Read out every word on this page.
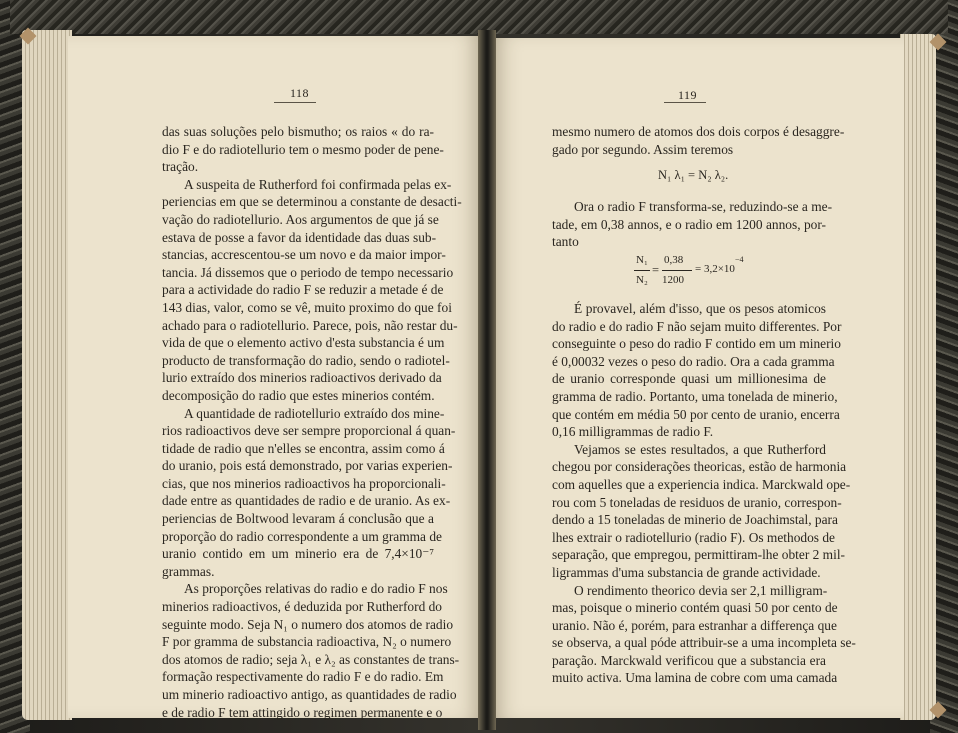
118
das suas soluções pelo bismutho; os raios « do ra-
dio F e do radiotellurio tem o mesmo poder de pene-
tração.
A suspeita de Rutherford foi confirmada pelas ex-
periencias em que se determinou a constante de desacti-
vação do radiotellurio. Aos argumentos de que já se
estava de posse a favor da identidade das duas sub-
stancias, accrescentou-se um novo e da maior impor-
tancia. Já dissemos que o periodo de tempo necessario
para a actividade do radio F se reduzir a metade é de
143 dias, valor, como se vê, muito proximo do que foi
achado para o radiotellurio. Parece, pois, não restar du-
vida de que o elemento activo d'esta substancia é um
producto de transformação do radio, sendo o radiotel-
lurio extraído dos minerios radioactivos derivado da
decomposição do radio que estes minerios contém.
A quantidade de radiotellurio extraído dos mine-
rios radioactivos deve ser sempre proporcional á quan-
tidade de radio que n'elles se encontra, assim como á
do uranio, pois está demonstrado, por varias experien-
cias, que nos minerios radioactivos ha proporcionali-
dade entre as quantidades de radio e de uranio. As ex-
periencias de Boltwood levaram á conclusão que a
proporção do radio correspondente a um gramma de
uranio contido em um minerio era de 7,4×10⁻⁷
grammas.
As proporções relativas do radio e do radio F nos
minerios radioactivos, é deduzida por Rutherford do
seguinte modo. Seja N₁ o numero dos atomos de radio
F por gramma de substancia radioactiva, N₂ o numero
dos atomos de radio; seja λ₁ e λ₂ as constantes de trans-
formação respectivamente do radio F e do radio. Em
um minerio radioactivo antigo, as quantidades de radio
e de radio F tem attingido o regimen permanente e o
119
mesmo numero de atomos dos dois corpos é desaggre-
gado por segundo. Assim teremos
N₁ λ₁ = N₂ λ₂.
Ora o radio F transforma-se, reduzindo-se a me-
tade, em 0,38 annos, e o radio em 1200 annos, por-
tanto
N₁
N₂
=
0,38
1200
= 3,2×10
−4
É provavel, além d'isso, que os pesos atomicos
do radio e do radio F não sejam muito differentes. Por
conseguinte o peso do radio F contido em um minerio
é 0,00032 vezes o peso do radio. Ora a cada gramma
de uranio corresponde quasi um millionesima de
gramma de radio. Portanto, uma tonelada de minerio,
que contém em média 50 por cento de uranio, encerra
0,16 milligrammas de radio F.
Vejamos se estes resultados, a que Rutherford
chegou por considerações theoricas, estão de harmonia
com aquelles que a experiencia indica. Marckwald ope-
rou com 5 toneladas de residuos de uranio, correspon-
dendo a 15 toneladas de minerio de Joachimstal, para
lhes extrair o radiotellurio (radio F). Os methodos de
separação, que empregou, permittiram-lhe obter 2 mil-
ligrammas d'uma substancia de grande actividade.
O rendimento theorico devia ser 2,1 milligram-
mas, poisque o minerio contém quasi 50 por cento de
uranio. Não é, porém, para estranhar a differença que
se observa, a qual póde attribuir-se a uma incompleta se-
paração. Marckwald verificou que a substancia era
muito activa. Uma lamina de cobre com uma camada
